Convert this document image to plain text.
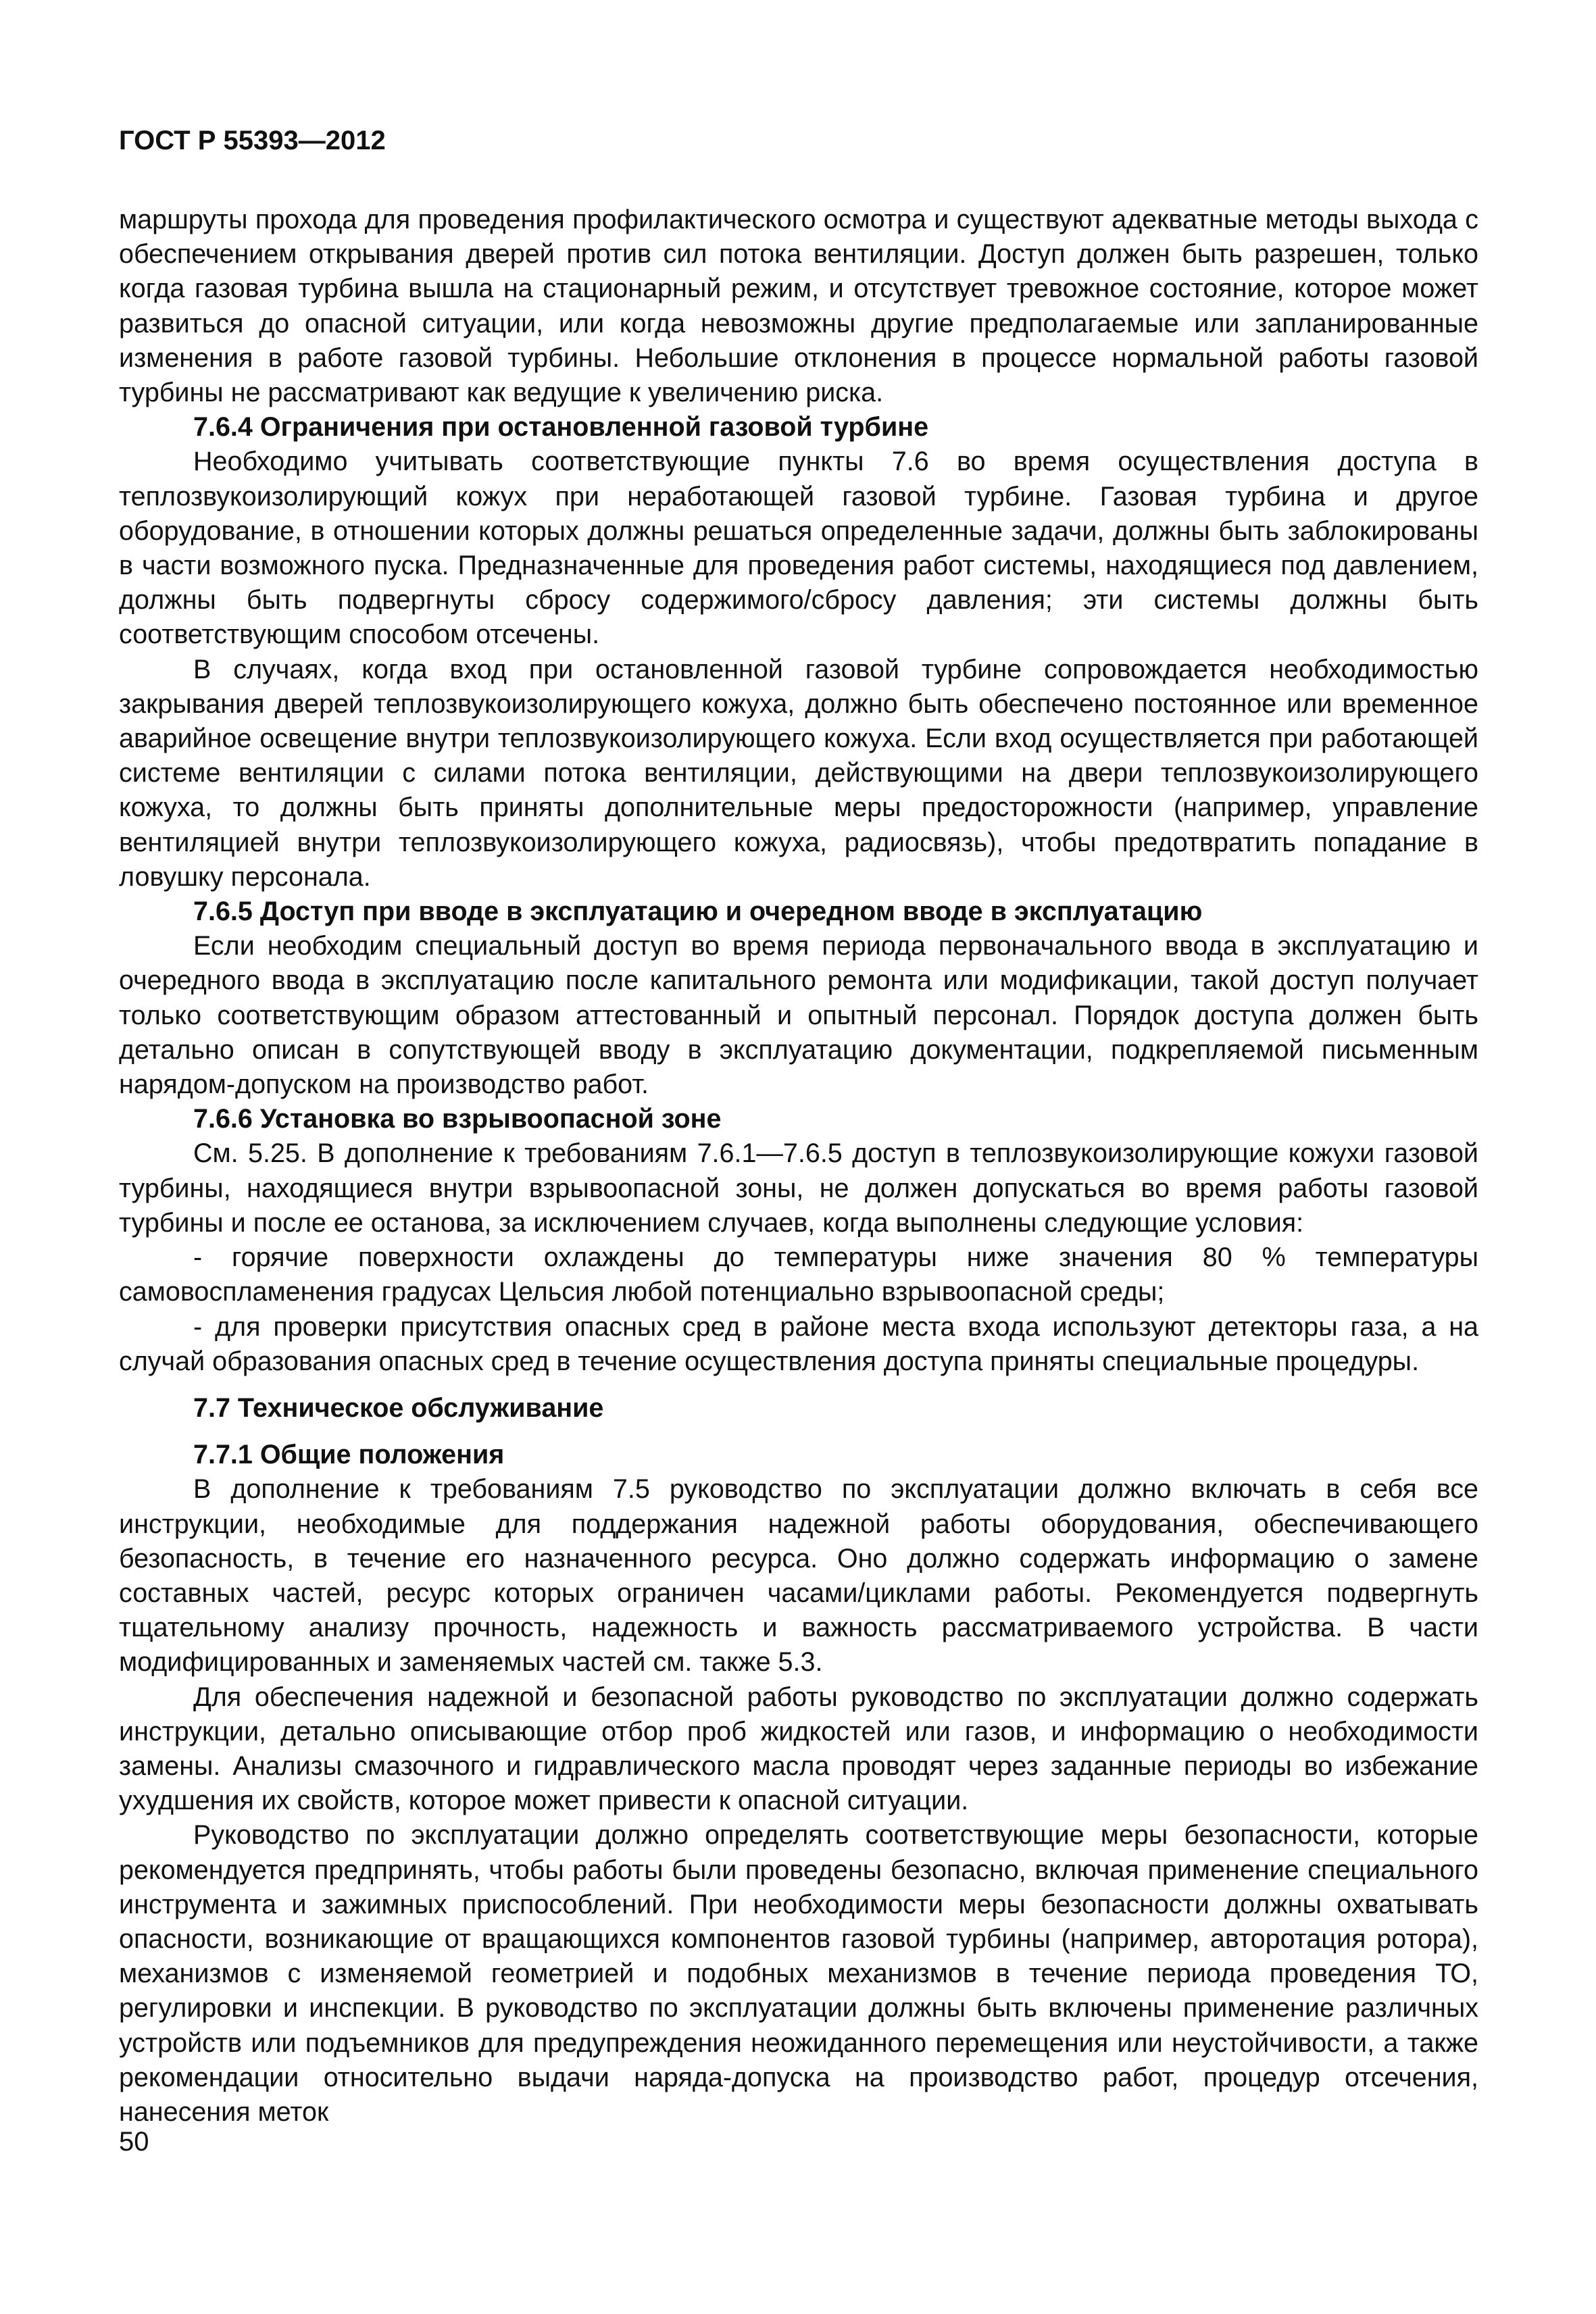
ГОСТ Р 55393—2012

маршруты прохода для проведения профилактического осмотра и существуют адекватные методы выхода с обеспечением открывания дверей против сил потока вентиляции. Доступ должен быть разрешен, только когда газовая турбина вышла на стационарный режим, и отсутствует тревожное состояние, которое может развиться до опасной ситуации, или когда невозможны другие предполагаемые или запланированные изменения в работе газовой турбины. Небольшие отклонения в процессе нормальной работы газовой турбины не рассматривают как ведущие к увеличению риска.

7.6.4 Ограничения при остановленной газовой турбине

Необходимо учитывать соответствующие пункты 7.6 во время осуществления доступа в теплозвукоизолирующий кожух при неработающей газовой турбине. Газовая турбина и другое оборудование, в отношении которых должны решаться определенные задачи, должны быть заблокированы в части возможного пуска. Предназначенные для проведения работ системы, находящиеся под давлением, должны быть подвергнуты сбросу содержимого/сбросу давления; эти системы должны быть соответствующим способом отсечены.

В случаях, когда вход при остановленной газовой турбине сопровождается необходимостью закрывания дверей теплозвукоизолирующего кожуха, должно быть обеспечено постоянное или временное аварийное освещение внутри теплозвукоизолирующего кожуха. Если вход осуществляется при работающей системе вентиляции с силами потока вентиляции, действующими на двери теплозвукоизолирующего кожуха, то должны быть приняты дополнительные меры предосторожности (например, управление вентиляцией внутри теплозвукоизолирующего кожуха, радиосвязь), чтобы предотвратить попадание в ловушку персонала.

7.6.5 Доступ при вводе в эксплуатацию и очередном вводе в эксплуатацию

Если необходим специальный доступ во время периода первоначального ввода в эксплуатацию и очередного ввода в эксплуатацию после капитального ремонта или модификации, такой доступ получает только соответствующим образом аттестованный и опытный персонал. Порядок доступа должен быть детально описан в сопутствующей вводу в эксплуатацию документации, подкрепляемой письменным нарядом-допуском на производство работ.

7.6.6 Установка во взрывоопасной зоне

См. 5.25. В дополнение к требованиям 7.6.1—7.6.5 доступ в теплозвукоизолирующие кожухи газовой турбины, находящиеся внутри взрывоопасной зоны, не должен допускаться во время работы газовой турбины и после ее останова, за исключением случаев, когда выполнены следующие условия:

- горячие поверхности охлаждены до температуры ниже значения 80 % температуры самовоспламенения градусах Цельсия любой потенциально взрывоопасной среды;

- для проверки присутствия опасных сред в районе места входа используют детекторы газа, а на случай образования опасных сред в течение осуществления доступа приняты специальные процедуры.

7.7 Техническое обслуживание
7.7.1 Общие положения

В дополнение к требованиям 7.5 руководство по эксплуатации должно включать в себя все инструкции, необходимые для поддержания надежной работы оборудования, обеспечивающего безопасность, в течение его назначенного ресурса. Оно должно содержать информацию о замене составных частей, ресурс которых ограничен часами/циклами работы. Рекомендуется подвергнуть тщательному анализу прочность, надежность и важность рассматриваемого устройства. В части модифицированных и заменяемых частей см. также 5.3.

Для обеспечения надежной и безопасной работы руководство по эксплуатации должно содержать инструкции, детально описывающие отбор проб жидкостей или газов, и информацию о необходимости замены. Анализы смазочного и гидравлического масла проводят через заданные периоды во избежание ухудшения их свойств, которое может привести к опасной ситуации.

Руководство по эксплуатации должно определять соответствующие меры безопасности, которые рекомендуется предпринять, чтобы работы были проведены безопасно, включая применение специального инструмента и зажимных приспособлений. При необходимости меры безопасности должны охватывать опасности, возникающие от вращающихся компонентов газовой турбины (например, авторотация ротора), механизмов с изменяемой геометрией и подобных механизмов в течение периода проведения ТО, регулировки и инспекции. В руководство по эксплуатации должны быть включены применение различных устройств или подъемников для предупреждения неожиданного перемещения или неустойчивости, а также рекомендации относительно выдачи наряда-допуска на производство работ, процедур отсечения, нанесения меток

50
